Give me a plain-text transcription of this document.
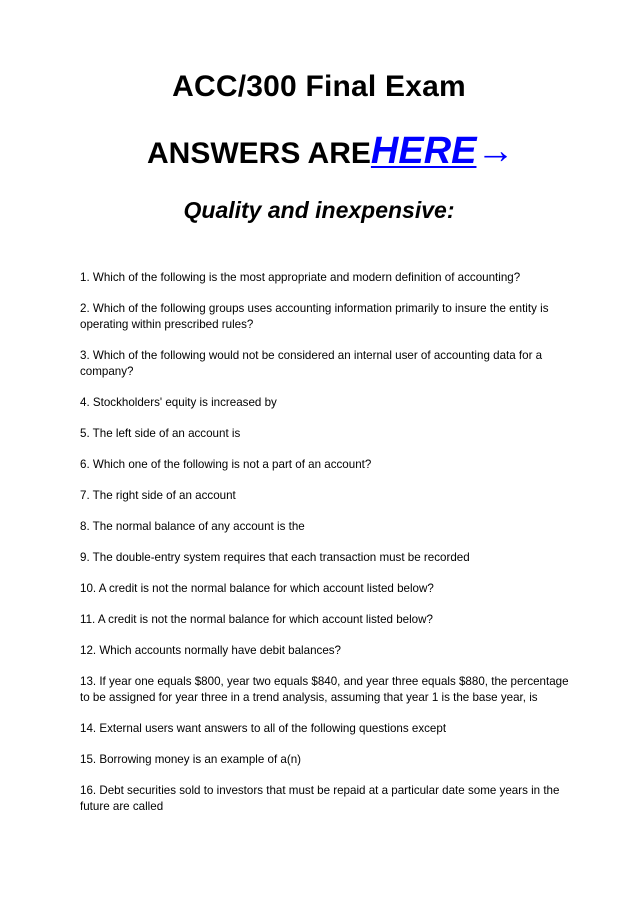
ACC/300 Final Exam
ANSWERS AREHERE→
Quality and inexpensive:
1. Which of the following is the most appropriate and modern definition of accounting?
2. Which of the following groups uses accounting information primarily to insure the entity is operating within prescribed rules?
3. Which of the following would not be considered an internal user of accounting data for a company?
4. Stockholders' equity is increased by
5. The left side of an account is
6. Which one of the following is not a part of an account?
7. The right side of an account
8. The normal balance of any account is the
9. The double-entry system requires that each transaction must be recorded
10. A credit is not the normal balance for which account listed below?
11. A credit is not the normal balance for which account listed below?
12. Which accounts normally have debit balances?
13. If year one equals $800, year two equals $840, and year three equals $880, the percentage to be assigned for year three in a trend analysis, assuming that year 1 is the base year, is
14. External users want answers to all of the following questions except
15. Borrowing money is an example of a(n)
16. Debt securities sold to investors that must be repaid at a particular date some years in the future are called
